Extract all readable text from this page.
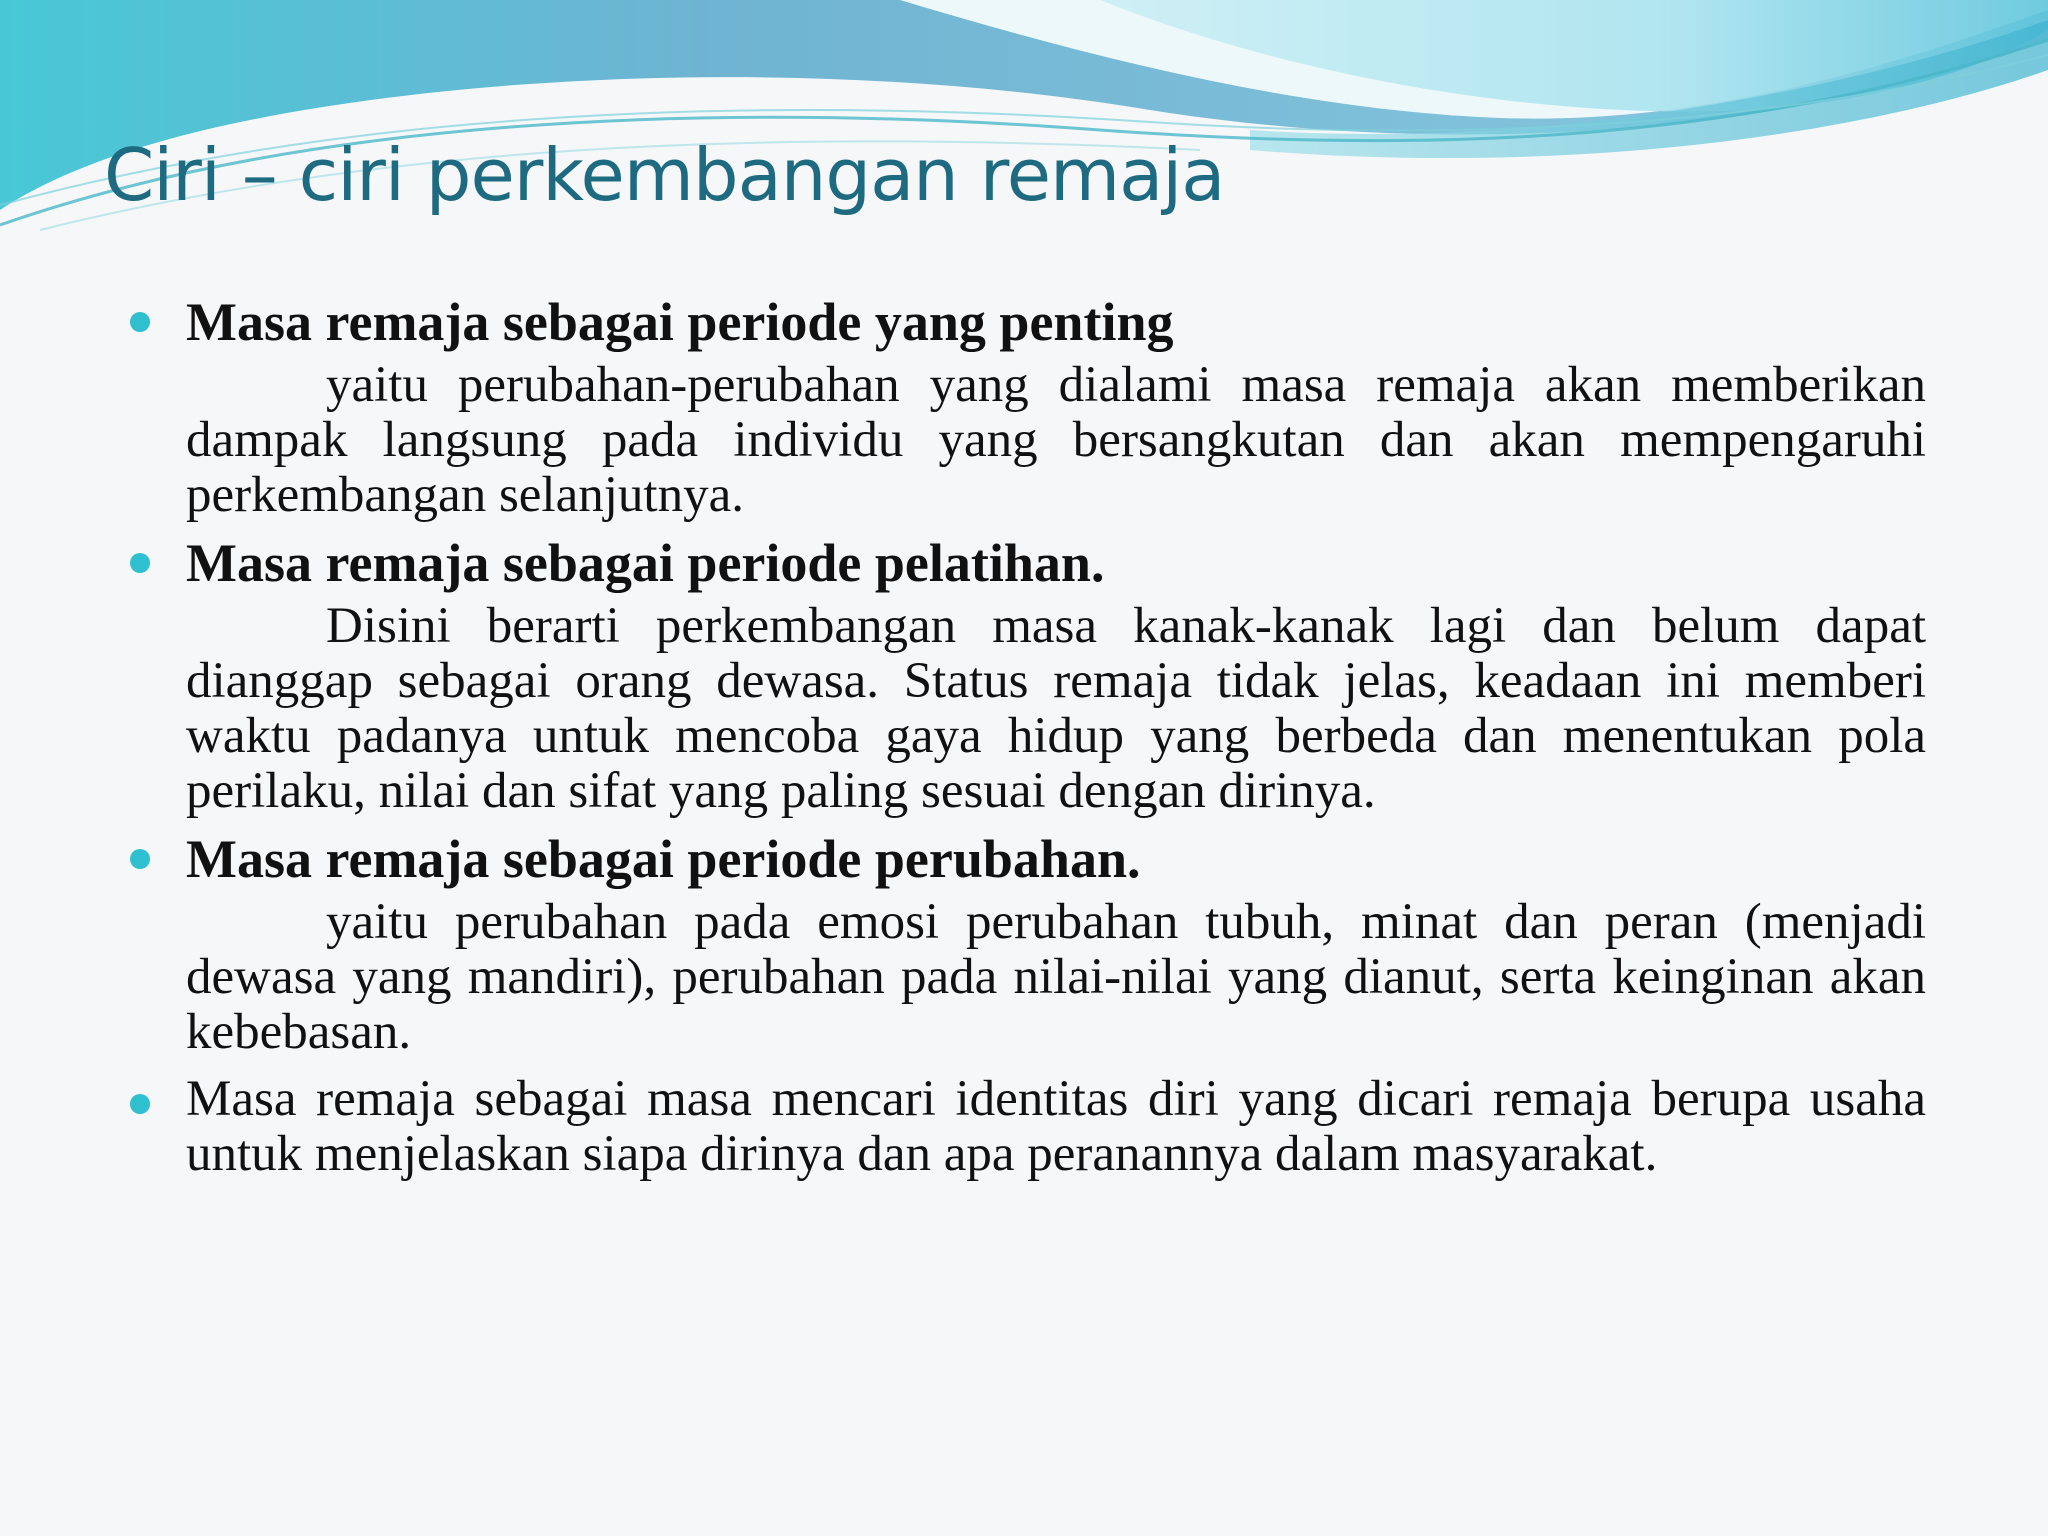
Ciri – ciri perkembangan remaja
Masa remaja sebagai periode yang penting
yaitu perubahan-perubahan yang dialami masa remaja akan memberikan dampak langsung pada individu yang bersangkutan dan akan mempengaruhi perkembangan selanjutnya.
Masa remaja sebagai periode pelatihan.
Disini berarti perkembangan masa kanak-kanak lagi dan belum dapat dianggap sebagai orang dewasa. Status remaja tidak jelas, keadaan ini memberi waktu padanya untuk mencoba gaya hidup yang berbeda dan menentukan pola perilaku, nilai dan sifat yang paling sesuai dengan dirinya.
Masa remaja sebagai periode perubahan.
yaitu perubahan pada emosi perubahan tubuh, minat dan peran (menjadi dewasa yang mandiri), perubahan pada nilai-nilai yang dianut, serta keinginan akan kebebasan.
Masa remaja sebagai masa mencari identitas diri yang dicari remaja berupa usaha untuk menjelaskan siapa dirinya dan apa peranannya dalam masyarakat.
